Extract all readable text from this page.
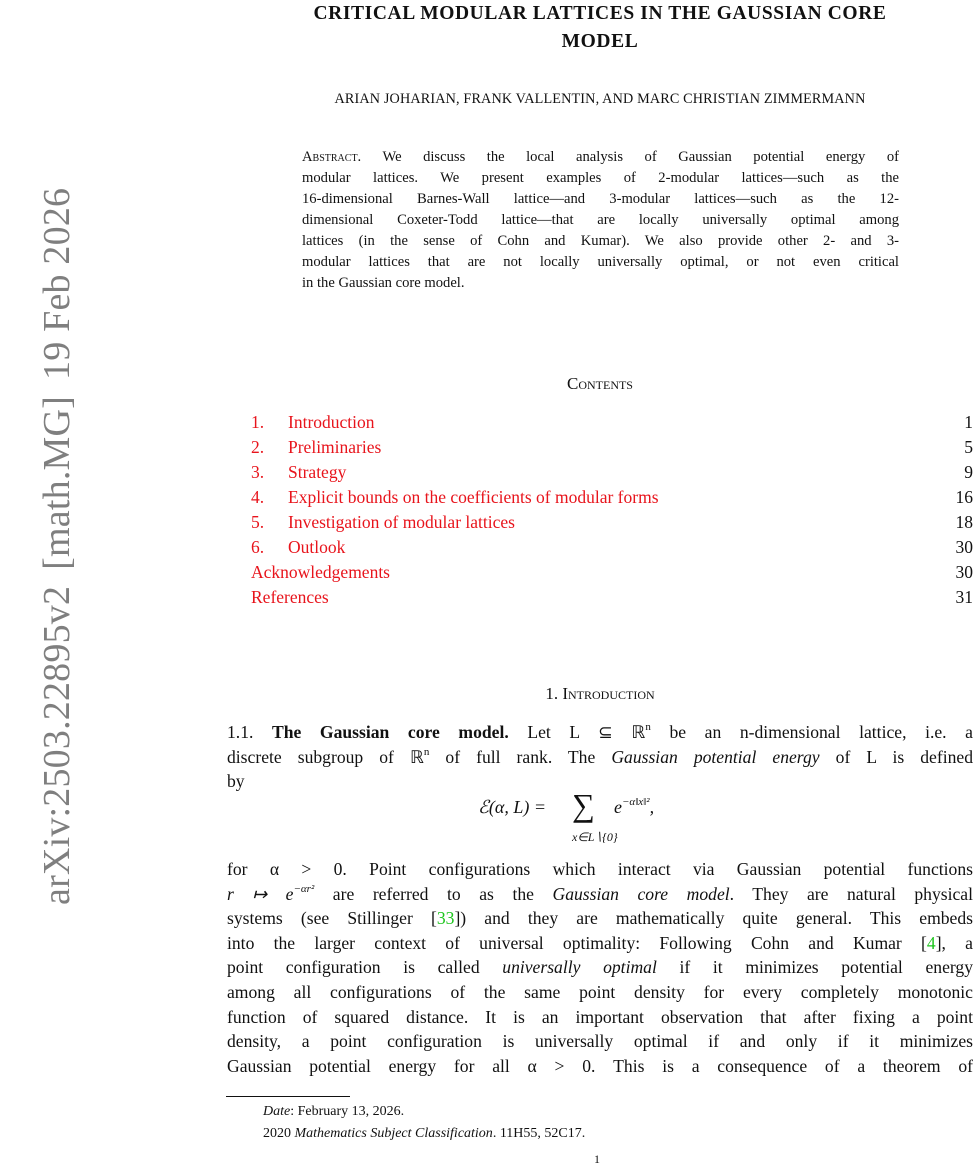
arXiv:2503.22895v2[math.MG]19 Feb 2026
CRITICAL MODULAR LATTICES IN THE GAUSSIAN CORE
MODEL
ARIAN JOHARIAN, FRANK VALLENTIN, AND MARC CHRISTIAN ZIMMERMANN
Abstract. We discuss the local analysis of Gaussian potential energy of
modular lattices. We present examples of 2-modular lattices—such as the
16-dimensional Barnes-Wall lattice—and 3-modular lattices—such as the 12-
dimensional Coxeter-Todd lattice—that are locally universally optimal among
lattices (in the sense of Cohn and Kumar). We also provide other 2- and 3-
modular lattices that are not locally universally optimal, or not even critical
in the Gaussian core model.
Contents
1.	Introduction	1
2.	Preliminaries	5
3.	Strategy	9
4.	Explicit bounds on the coefficients of modular forms	16
5.	Investigation of modular lattices	18
6.	Outlook	30
Acknowledgements	30
References	31
1. Introduction
1.1. The Gaussian core model. Let L ⊆ ℝ$^n$ be an n-dimensional lattice, i.e. a
discrete subgroup of ℝ$^n$ of full rank. The Gaussian potential energy of L is defined
by
ℰ(α, L) = ∑
x∈L∖{0}
$e^{-\alpha‖x‖^2}$,
for α > 0. Point configurations which interact via Gaussian potential functions
r ↦ $e^{-\alpha r^2}$ are referred to as the Gaussian core model. They are natural physical
systems (see Stillinger [33]) and they are mathematically quite general. This embeds
into the larger context of universal optimality: Following Cohn and Kumar [4], a
point configuration is called universally optimal if it minimizes potential energy
among all configurations of the same point density for every completely monotonic
function of squared distance. It is an important observation that after fixing a point
density, a point configuration is universally optimal if and only if it minimizes
Gaussian potential energy for all α > 0. This is a consequence of a theorem of
Date: February 13, 2026.
2020 Mathematics Subject Classification. 11H55, 52C17.
1
